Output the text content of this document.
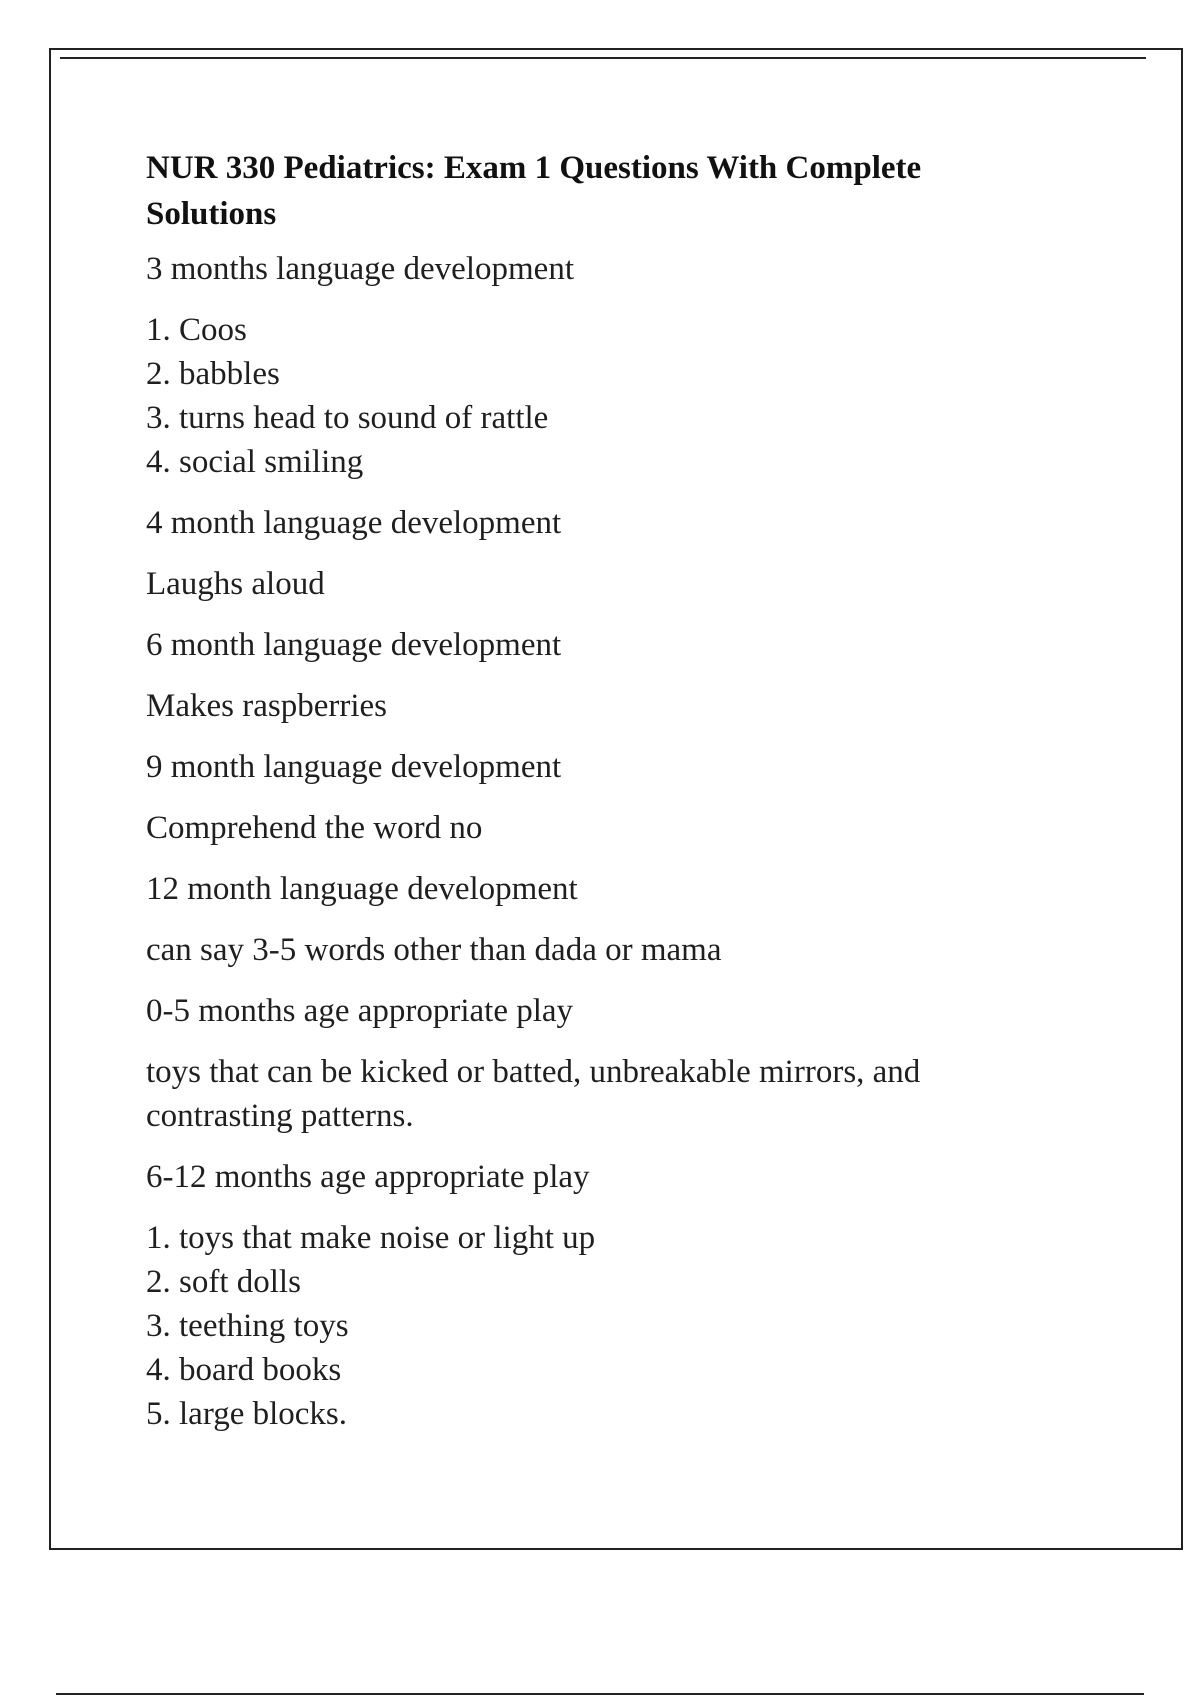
NUR 330 Pediatrics: Exam 1 Questions With Complete Solutions

3 months language development

1. Coos
2. babbles
3. turns head to sound of rattle
4. social smiling

4 month language development

Laughs aloud

6 month language development

Makes raspberries

9 month language development

Comprehend the word no

12 month language development

can say 3-5 words other than dada or mama

0-5 months age appropriate play

toys that can be kicked or batted, unbreakable mirrors, and contrasting patterns.

6-12 months age appropriate play

1. toys that make noise or light up
2. soft dolls
3. teething toys
4. board books
5. large blocks.
